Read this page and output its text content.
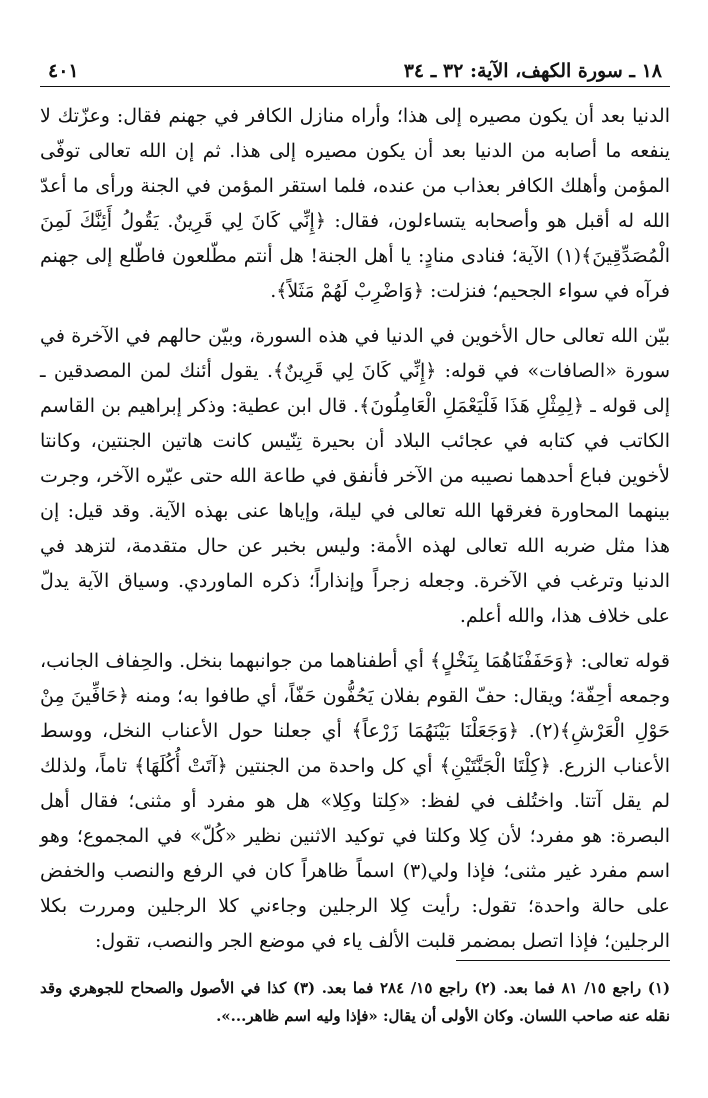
١٨ ـ سورة الكهف، الآية: ٣٢ ـ ٣٤
٤٠١

الدنيا بعد أن يكون مصيره إلى هذا؛ وأراه منازل الكافر في جهنم فقال: وعزّتك لا ينفعه ما أصابه من الدنيا بعد أن يكون مصيره إلى هذا. ثم إن الله تعالى توفّى المؤمن وأهلك الكافر بعذاب من عنده، فلما استقر المؤمن في الجنة ورأى ما أعدّ الله له أقبل هو وأصحابه يتساءلون، فقال: ﴿إِنِّي كَانَ لِي قَرِينٌ. يَقُولُ أَئِنَّكَ لَمِنَ الْمُصَدِّقِينَ﴾(١) الآية؛ فنادى منادٍ: يا أهل الجنة! هل أنتم مطّلعون فاطّلع إلى جهنم فرآه في سواء الجحيم؛ فنزلت: ﴿وَاضْرِبْ لَهُمْ مَثَلاً﴾.

بيّن الله تعالى حال الأخوين في الدنيا في هذه السورة، وبيّن حالهم في الآخرة في سورة «الصافات» في قوله: ﴿إِنِّي كَانَ لِي قَرِينٌ﴾. يقول أئنك لمن المصدقين ـ إلى قوله ـ ﴿لِمِثْلِ هَذَا فَلْيَعْمَلِ الْعَامِلُونَ﴾. قال ابن عطية: وذكر إبراهيم بن القاسم الكاتب في كتابه في عجائب البلاد أن بحيرة تِنّيس كانت هاتين الجنتين، وكانتا لأخوين فباع أحدهما نصيبه من الآخر فأنفق في طاعة الله حتى عيّره الآخر، وجرت بينهما المحاورة فغرقها الله تعالى في ليلة، وإياها عنى بهذه الآية. وقد قيل: إن هذا مثل ضربه الله تعالى لهذه الأمة: وليس بخبر عن حال متقدمة، لتزهد في الدنيا وترغب في الآخرة. وجعله زجراً وإنذاراً؛ ذكره الماوردي. وسياق الآية يدلّ على خلاف هذا، والله أعلم.

قوله تعالى: ﴿وَحَفَفْنَاهُمَا بِنَخْلٍ﴾ أي أطفناهما من جوانبهما بنخل. والحِفاف الجانب، وجمعه أحِفّة؛ ويقال: حفّ القوم بفلان يَحُفُّون حَفّاً، أي طافوا به؛ ومنه ﴿حَافِّينَ مِنْ حَوْلِ الْعَرْشِ﴾(٢). ﴿وَجَعَلْنَا بَيْنَهُمَا زَرْعاً﴾ أي جعلنا حول الأعناب النخل، ووسط الأعناب الزرع. ﴿كِلْتَا الْجَنَّتَيْنِ﴾ أي كل واحدة من الجنتين ﴿آتَتْ أُكُلَهَا﴾ تاماً، ولذلك لم يقل آتتا. واختُلف في لفظ: «كِلتا وكِلا» هل هو مفرد أو مثنى؛ فقال أهل البصرة: هو مفرد؛ لأن كِلا وكلتا في توكيد الاثنين نظير «كُلّ» في المجموع؛ وهو اسم مفرد غير مثنى؛ فإذا ولي(٣) اسماً ظاهراً كان في الرفع والنصب والخفض على حالة واحدة؛ تقول: رأيت كِلا الرجلين وجاءني كلا الرجلين ومررت بكلا الرجلين؛ فإذا اتصل بمضمر قلبت الألف ياء في موضع الجر والنصب، تقول:

(١) راجع ١٥/ ٨١ فما بعد. (٢) راجع ١٥/ ٢٨٤ فما بعد. (٣) كذا في الأصول والصحاح للجوهري وقد نقله عنه صاحب اللسان. وكان الأولى أن يقال: «فإذا وليه اسم ظاهر...».
